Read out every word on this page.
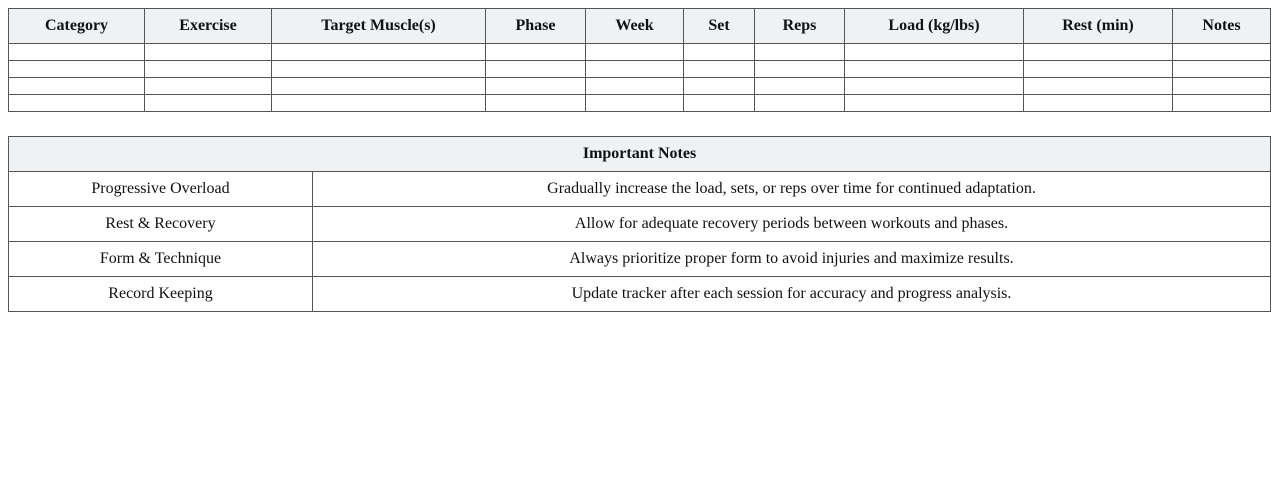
Category	Exercise	Target Muscle(s)	Phase	Week	Set	Reps	Load (kg/lbs)	Rest (min)	Notes

Important Notes	
Progressive Overload	Gradually increase the load, sets, or reps over time for continued adaptation.
Rest & Recovery	Allow for adequate recovery periods between workouts and phases.
Form & Technique	Always prioritize proper form to avoid injuries and maximize results.
Record Keeping	Update tracker after each session for accuracy and progress analysis.
